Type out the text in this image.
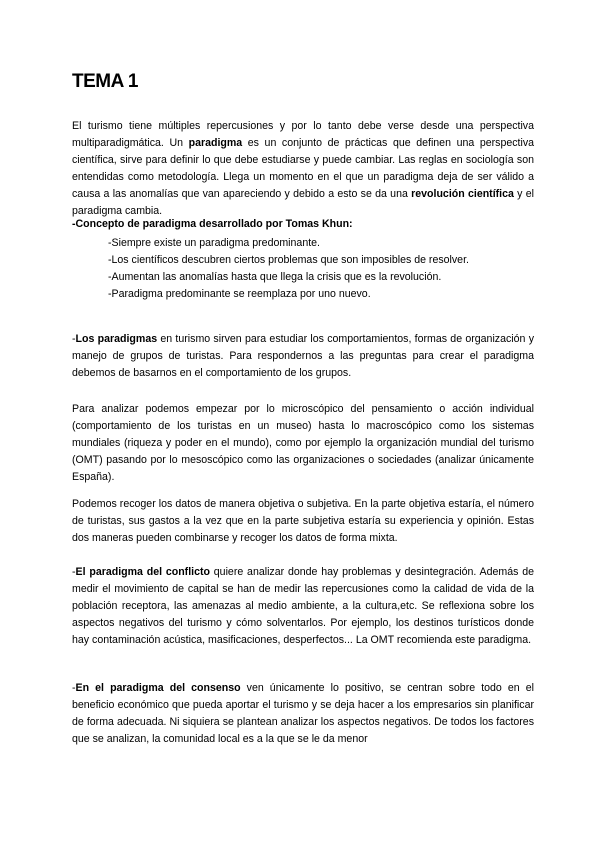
TEMA 1

El turismo tiene múltiples repercusiones y por lo tanto debe verse desde una perspectiva multiparadigmática. Un paradigma es un conjunto de prácticas que definen una perspectiva científica, sirve para definir lo que debe estudiarse y puede cambiar. Las reglas en sociología son entendidas como metodología. Llega un momento en el que un paradigma deja de ser válido a causa a las anomalías que van apareciendo y debido a esto se da una revolución científica y el paradigma cambia.

-Concepto de paradigma desarrollado por Tomas Khun:

-Siempre existe un paradigma predominante.
-Los científicos descubren ciertos problemas que son imposibles de resolver.
-Aumentan las anomalías hasta que llega la crisis que es la revolución.
-Paradigma predominante se reemplaza por uno nuevo.

-Los paradigmas en turismo sirven para estudiar los comportamientos, formas de organización y manejo de grupos de turistas. Para respondernos a las preguntas para crear el paradigma debemos de basarnos en el comportamiento de los grupos.

Para analizar podemos empezar por lo microscópico del pensamiento o acción individual (comportamiento de los turistas en un museo) hasta lo macroscópico como los sistemas mundiales (riqueza y poder en el mundo), como por ejemplo la organización mundial del turismo (OMT) pasando por lo mesoscópico como las organizaciones o sociedades (analizar únicamente España).

Podemos recoger los datos de manera objetiva o subjetiva. En la parte objetiva estaría, el número de turistas, sus gastos a la vez que en la parte subjetiva estaría su experiencia y opinión. Estas dos maneras pueden combinarse y recoger los datos de forma mixta.

-El paradigma del conflicto quiere analizar donde hay problemas y desintegración. Además de medir el movimiento de capital se han de medir las repercusiones como la calidad de vida de la población receptora, las amenazas al medio ambiente, a la cultura,etc. Se reflexiona sobre los aspectos negativos del turismo y cómo solventarlos. Por ejemplo, los destinos turísticos donde hay contaminación acústica, masificaciones, desperfectos... La OMT recomienda este paradigma.

-En el paradigma del consenso ven únicamente lo positivo, se centran sobre todo en el beneficio económico que pueda aportar el turismo y se deja hacer a los empresarios sin planificar de forma adecuada. Ni siquiera se plantean analizar los aspectos negativos. De todos los factores que se analizan, la comunidad local es a la que se le da menor
